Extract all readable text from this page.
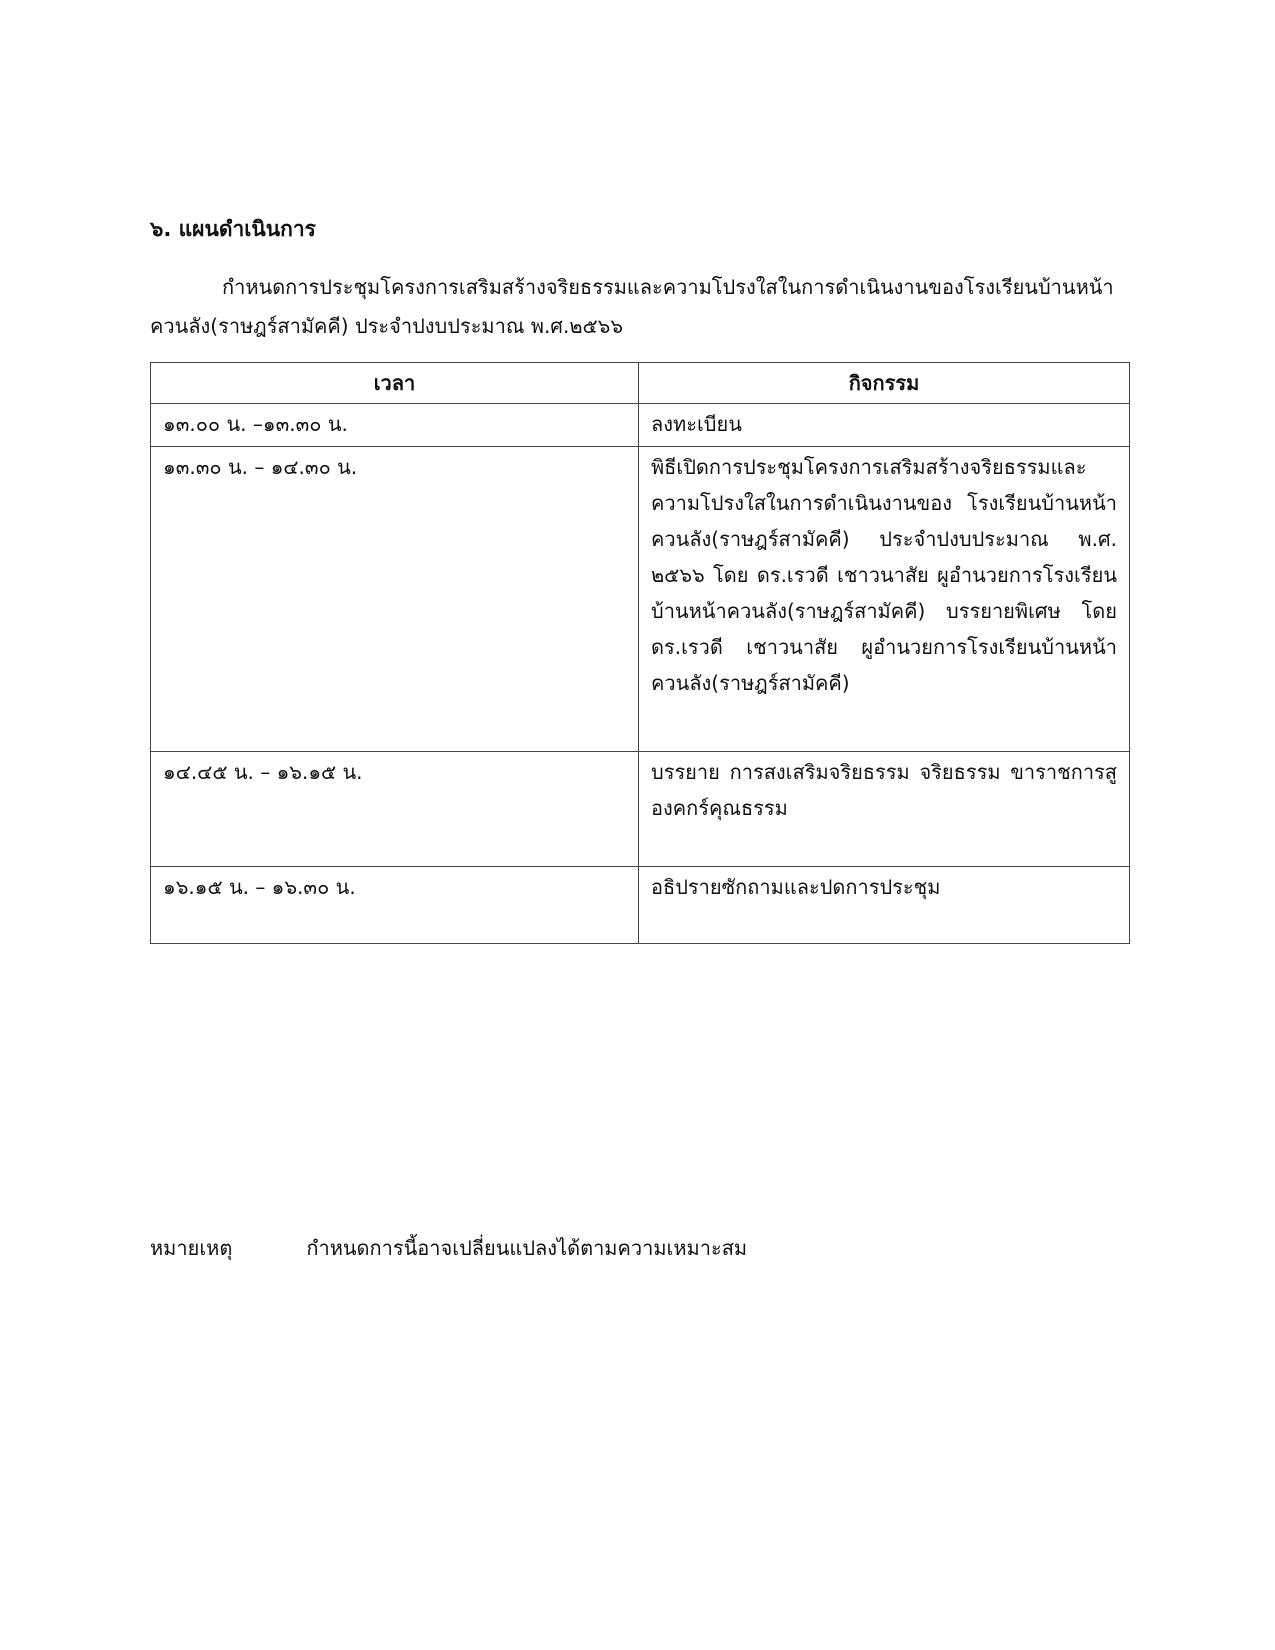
๖. แผนดำเนินการ
กำหนดการประชุมโครงการเสริมสร้างจริยธรรมและความโปรงใสในการดำเนินงานของโรงเรียนบ้านหน้า
ควนลัง(ราษฎร์สามัคคี) ประจำปงบประมาณ พ.ศ.๒๕๖๖
เวลา	กิจกรรม
๑๓.๐๐ น. –๑๓.๓๐ น.	ลงทะเบียน
๑๓.๓๐ น. – ๑๔.๓๐ น.	พิธีเปิดการประชุมโครงการเสริมสร้างจริยธรรมและความโปรงใสในการดำเนินงานของ โรงเรียนบ้านหน้าควนลัง(ราษฎร์สามัคคี) ประจำปงบประมาณ พ.ศ. ๒๕๖๖ โดย ดร.เรวดี เชาวนาสัย ผูอำนวยการโรงเรียนบ้านหน้าควนลัง(ราษฎร์สามัคคี) บรรยายพิเศษ โดย ดร.เรวดี เชาวนาสัย ผูอำนวยการโรงเรียนบ้านหน้าควนลัง(ราษฎร์สามัคคี)
๑๔.๔๕ น. – ๑๖.๑๕ น.	บรรยาย การสงเสริมจริยธรรม จริยธรรม ขาราชการสูองคกร์คุณธรรม
๑๖.๑๕ น. – ๑๖.๓๐ น.	อธิปรายซักถามและปดการประชุม
หมายเหตุ	กำหนดการนี้อาจเปลี่ยนแปลงได้ตามความเหมาะสม
